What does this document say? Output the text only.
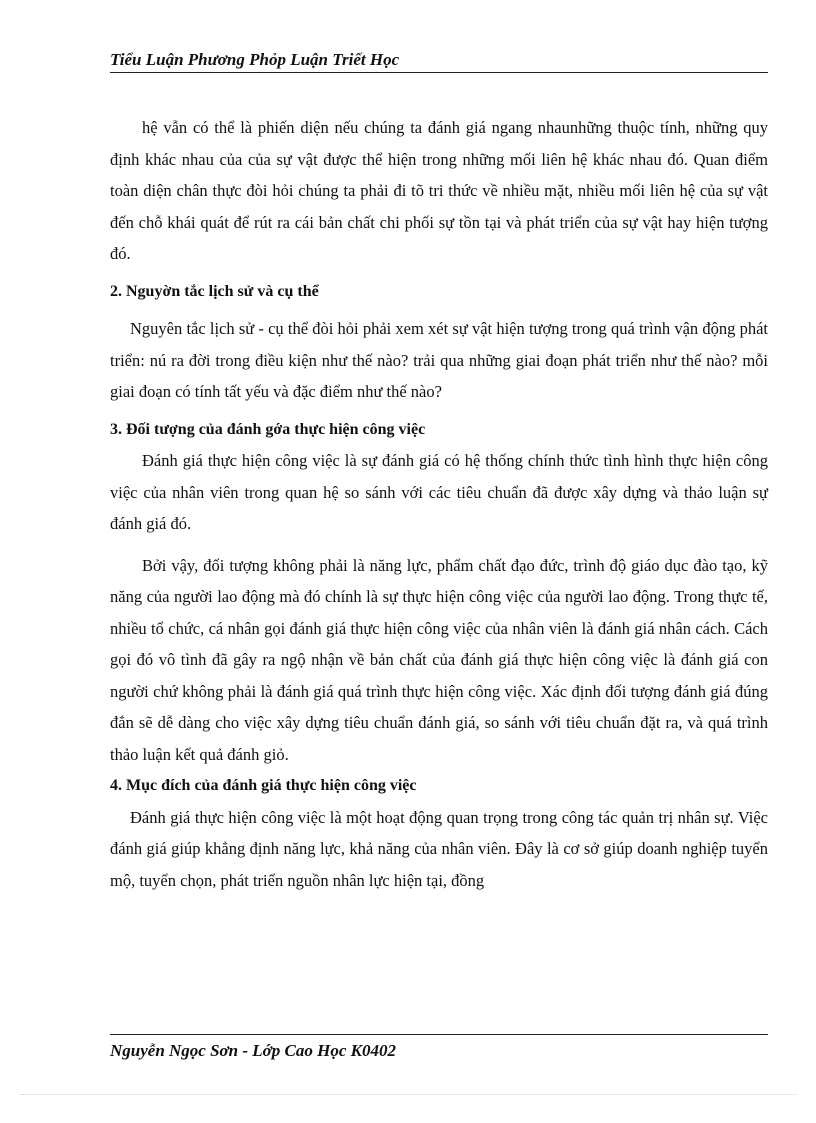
Tiểu Luận Phương Phỏp Luận Triết Học

hệ vẫn có thể là phiến diện nếu chúng ta đánh giá ngang nhaunhững thuộc tính, những quy định khác nhau của của sự vật được thể hiện trong những mối liên hệ khác nhau đó. Quan điểm toàn diện chân thực đòi hỏi chúng ta phải đi tõ tri thức về nhiều mặt, nhiều mối liên hệ của sự vật đến chỗ khái quát để rút ra cái bản chất chi phối sự tồn tại và phát triển của sự vật hay hiện tượng đó.

2. Nguyờn tắc lịch sử và cụ thể

Nguyên tắc lịch sử - cụ thể đòi hỏi phải xem xét sự vật hiện tượng trong quá trình vận động phát triển: nú ra đời trong điều kiện như thế nào? trải qua những giai đoạn phát triển như thế nào? mỗi giai đoạn có tính tất yếu và đặc điểm như thế nào?

3. Đối tượng của đánh gớa thực hiện công việc

Đánh giá thực hiện công việc là sự đánh giá có hệ thống chính thức tình hình thực hiện công việc của nhân viên trong quan hệ so sánh với các tiêu chuẩn đã được xây dựng và thảo luận sự đánh giá đó.

Bởi vậy, đối tượng không phải là năng lực, phẩm chất đạo đức, trình độ giáo dục đào tạo, kỹ năng của người lao động mà đó chính là sự thực hiện công việc của người lao động. Trong thực tế, nhiều tổ chức, cá nhân gọi đánh giá thực hiện công việc của nhân viên là đánh giá nhân cách. Cách gọi đó vô tình đã gây ra ngộ nhận về bản chất của đánh giá thực hiện công việc là đánh giá con người chứ không phải là đánh giá quá trình thực hiện công việc. Xác định đối tượng đánh giá đúng đắn sẽ dễ dàng cho việc xây dựng tiêu chuẩn đánh giá, so sánh với tiêu chuẩn đặt ra, và quá trình thảo luận kết quả đánh giỏ.

4. Mục đích của đánh giá thực hiện công việc

Đánh giá thực hiện công việc là một hoạt động quan trọng trong công tác quản trị nhân sự. Việc đánh giá giúp khẳng định năng lực, khả năng của nhân viên. Đây là cơ sở giúp doanh nghiệp tuyển mộ, tuyển chọn, phát triển nguồn nhân lực hiện tại, đồng

Nguyễn Ngọc Sơn - Lớp Cao Học K0402
